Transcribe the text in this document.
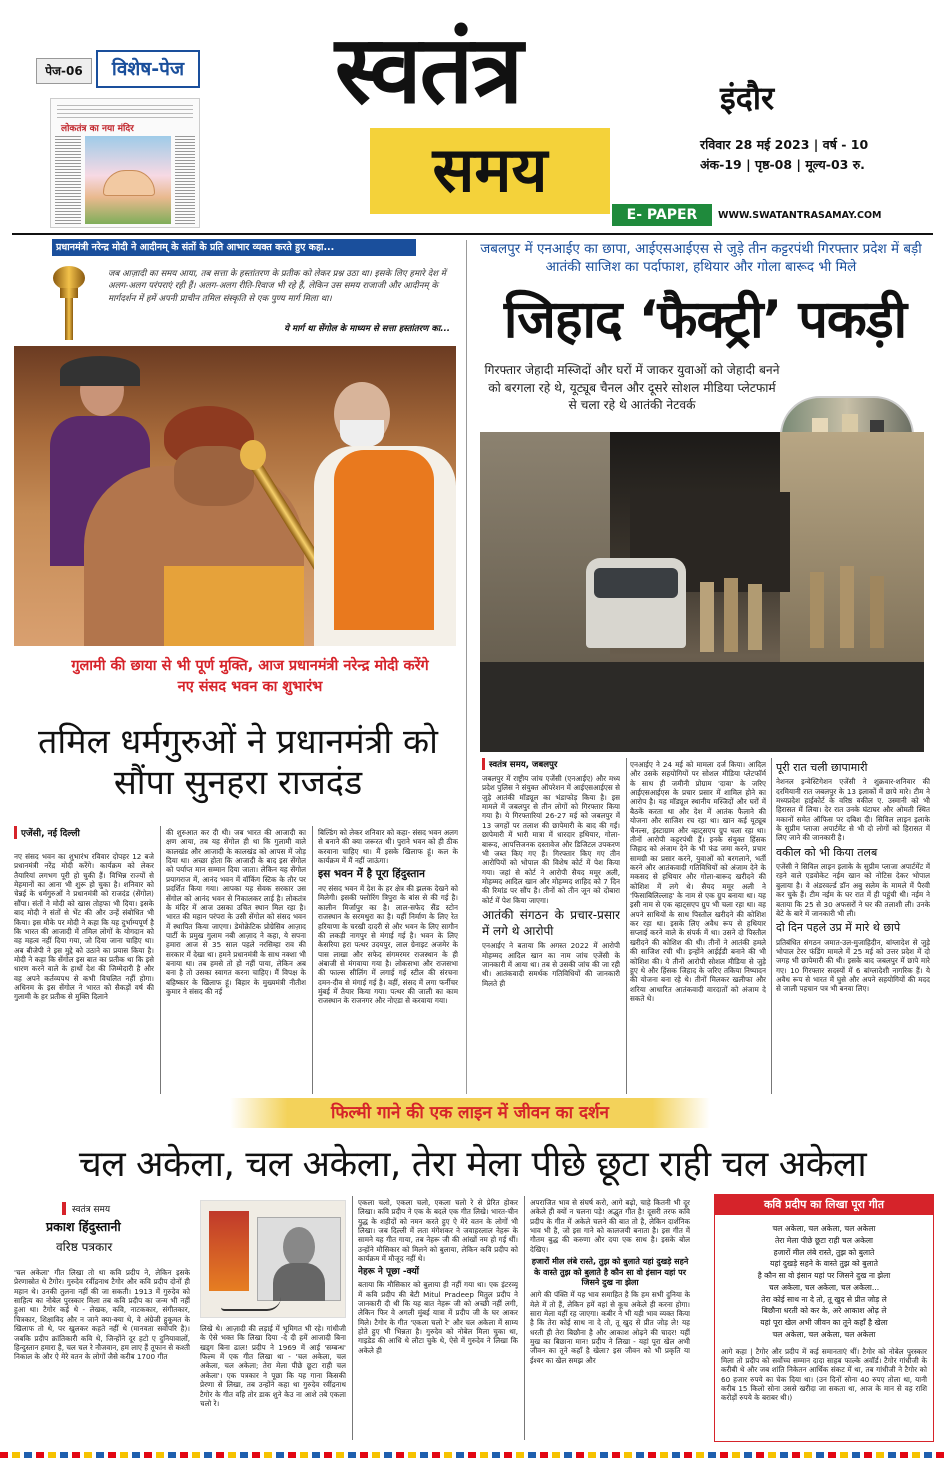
पेज-06	विशेष-पेज
लोकतंत्र का नया मंदिर
स्वतंत्र
समय
इंदौर
रविवार 28 मई 2023 | वर्ष - 10
अंक-19 | पृष्ठ-08 | मूल्य-03 रु.
E- PAPER	WWW.SWATANTRASAMAY.COM
प्रधानमंत्री नरेन्द्र मोदी ने आदीनम् के संतों के प्रति आभार व्यक्त करते हुए कहा...
जब आज़ादी का समय आया, तब सत्ता के हस्तांतरण के प्रतीक को लेकर प्रश्न उठा था। इसके लिए हमारे देश में अलग-अलग परंपराएं रही हैं। अलग-अलग रीति-रिवाज भी रहे हैं, लेकिन उस समय राजाजी और आदीनम् के मार्गदर्शन में हमें अपनी प्राचीन तमिल संस्कृति से एक पुण्य मार्ग मिला था।
ये मार्ग था सेंगोल के माध्यम से सत्ता हस्तांतरण का...
गुलामी की छाया से भी पूर्ण मुक्ति, आज प्रधानमंत्री नरेन्द्र मोदी करेंगे नए संसद भवन का शुभारंभ
तमिल धर्मगुरुओं ने प्रधानमंत्री को सौंपा सुनहरा राजदंड
एजेंसी, नई दिल्ली
नए संसद भवन का शुभारंभ रविवार दोपहर 12 बजे प्रधानमंत्री नरेंद्र मोदी करेंगे। कार्यक्रम को लेकर तैयारियां लगभग पूरी हो चुकी हैं। विभिन्न राज्यों से मेहमानों का आना भी शुरू हो चुका है। शनिवार को चेन्नई के धर्मगुरुओं ने प्रधानमंत्री को राजदंड (सेंगोल) सौंपा। संतों ने मोदी को खास तोहफा भी दिया। इसके बाद मोदी ने संतों से भेंट की और उन्हें संबोधित भी किया। इस मौके पर मोदी ने कहा कि यह दुर्भाग्यपूर्ण है कि भारत की आजादी में तमिल लोगों के योगदान को वह महत्व नहीं दिया गया, जो दिया जाना चाहिए था। अब बीजेपी ने इस मुद्दे को उठाने का प्रयास किया है। मोदी ने कहा कि सेंगोल इस बात का प्रतीक था कि इसे धारण करने वाले के हाथों देश की जिम्मेदारी है और वह अपने कर्तव्यपथ से कभी विचलित नहीं होगा। अधिनम के इस सेंगोल ने भारत को सैकड़ों वर्ष की गुलामी के हर प्रतीक से मुक्ति दिलाने
की शुरुआत कर दी थी। जब भारत की आजादी का क्षण आया, तब यह सेंगोल ही था कि गुलामी वाले कालखंड और आजादी के कालखंड को आपस में जोड़ दिया था। अच्छा होता कि आजादी के बाद इस सेंगोल को पर्याप्त मान सम्मान दिया जाता। लेकिन यह सेंगोल प्रयागराज में, आनंद भवन में वॉकिंग स्टिक के तौर पर प्रदर्शित किया गया। आपका यह सेवक सरकार उस सेंगोल को आनंद भवन से निकालकर लाई है। लोकतंत्र के मंदिर में आज उसका उचित स्थान मिल रहा है। भारत की महान परंपरा के उसी सेंगोल को संसद भवन में स्थापित किया जाएगा। डेमोक्रेटिक प्रोग्रेसिव आज़ाद पार्टी के प्रमुख गुलाम नबी आज़ाद ने कहा, ये सपना हमारा आज से 35 साल पहले नरसिम्हा राव की सरकार में देखा था। हमने प्रधानमंत्री के साथ नक्शा भी बनाया था। तब हमसे तो हो नहीं पाया, लेकिन अब बना है तो उसका स्वागत करना चाहिए। मैं विपक्ष के बहिष्कार के खिलाफ हूं। बिहार के मुख्यमंत्री नीतीश कुमार ने संसद की नई

बिल्डिंग को लेकर शनिवार को कहा- संसद भवन अलग से बनाने की क्या जरूरत थी। पुराने भवन को ही ठीक करवाना चाहिए था। मैं इसके खिलाफ हूं। कल के कार्यक्रम में मैं नहीं जाऊंगा।

इस भवन में है पूरा हिंदुस्तान

नए संसद भवन में देश के हर क्षेत्र की झलक देखने को मिलेगी। इसकी फ्लोरिंग त्रिपुरा के बांस से की गई है। कालीन मिर्जापुर का है। लाल-सफेद सैंड स्टोन राजस्थान के सरमथुरा का है। यहीं निर्माण के लिए रेत हरियाणा के चरखी दादरी से और भवन के लिए सागौन की लकड़ी नागपुर से मंगाई गई है। भवन के लिए केसरिया हरा पत्थर उदयपुर, लाल ग्रेनाइट अजमेर के पास लाखा और सफेद संगमरमर राजस्थान के ही अंबाजी से मंगवाया गया है। लोकसभा और राजसभा की फाल्स सीलिंग में लगाई गई स्टील की संरचना दमन-दीव से मंगाई गई है। वहीं, संसद में लगा फर्नीचर मुंबई में तैयार किया गया। पत्थर की जाली का काम राजस्थान के राजनगर और नोएडा से करवाया गया।

जबलपुर में एनआईए का छापा, आईएसआईएस से जुड़े तीन कट्टरपंथी गिरफ्तार प्रदेश में बड़ी आतंकी साजिश का पर्दाफाश, हथियार और गोला बारूद भी मिले
जिहाद ‘फैक्ट्री’ पकड़ी
गिरफ्तार जेहादी मस्जिदों और घरों में जाकर युवाओं को जेहादी बनने को बरगला रहे थे, यूट्यूब चैनल और दूसरे सोशल मीडिया प्लेटफार्म से चला रहे थे आतंकी नेटवर्क
स्वतंत्र समय, जबलपुर

जबलपुर में राष्ट्रीय जांच एजेंसी (एनआईए) और मध्य प्रदेश पुलिस ने संयुक्त ऑपरेशन में आईएसआईएस से जुड़े आतंकी मॉड्यूल का भंडाफोड़ किया है। इस मामले में जबलपुर से तीन लोगों को गिरफ्तार किया गया है। ये गिरफ्तारियां 26-27 मई को जबलपुर में 13 जगहों पर तलाश की छापेमारी के बाद की गईं। छापेमारी में भारी मात्रा में धारदार हथियार, गोला-बारूद, आपत्तिजनक दस्तावेज और डिजिटल उपकरण भी जब्त किए गए हैं। गिरफ्तार किए गए तीन आरोपियों को भोपाल की विशेष कोर्ट में पेश किया गया। जहां से कोर्ट ने आरोपी सैयद ममूर अली, मोहम्मद आदिल खान और मोहम्मद शाहिद को 7 दिन की रिमांड पर सौंप है। तीनों को तीन जून को दोबारा कोर्ट में पेश किया जाएगा।

आतंकी संगठन के प्रचार-प्रसार में लगे थे आरोपी

एनआईए ने बताया कि अगस्त 2022 में आरोपी मोहम्मद आदिल खान का नाम जांच एजेंसी के जानकारी में आया था। तब से उसकी जांच की जा रही थी। आतंकवादी समर्थक गतिविधियों की जानकारी मिलते ही

एनआईए ने 24 मई को मामला दर्ज किया। आदिल और उसके सहयोगियों पर सोशल मीडिया प्लेटफॉर्म के साथ ही जमीनी प्रोग्राम 'दावा' के जरिए आईएसआईएस के प्रचार प्रसार में शामिल होने का आरोप है। यह मॉड्यूल स्थानीय मस्जिदों और घरों में बैठकें करता था और देश में आतंक फैलाने की योजना और साजिश रच रहा था। खान कई यूट्यूब चैनल्स, इंस्टाग्राम और व्हाट्सएप ग्रुप चला रहा था। तीनों आरोपी कट्टरपंथी हैं। इनके संयुक्त हिंसक जिहाद को अंजाम देने के भी फंड जमा करने, प्रचार सामग्री का प्रसार करने, युवाओं को बरगलाने, भर्ती करने और आतंकवादी गतिविधियों को अंजाम देने के मकसद से हथियार और गोला-बारूद खरीदने की कोशिश में लगे थे। सैयद ममूर अली ने 'फिसाबिलिल्लाह' के नाम से एक ग्रुप बनाया था। यह इसी नाम से एक व्हाट्सएप ग्रुप भी चला रहा था। वह अपने साथियों के साथ पिस्तौल खरीदने की कोशिश कर रहा था। इसके लिए अवैध रूप से हथियार सप्लाई करने वाले के संपर्क में था। उसने दो पिस्तौल खरीदने की कोशिश की थी। तीनों ने आतंकी हमले की साजिश रची थी। इन्होंने आईईडी बनाने की भी कोशिश की। ये तीनों आरोपी सोशल मीडिया से जुड़े हुए थे और हिंसक जिहाद के जरिए तकिया निष्पादन की योजना बना रहे थे। तीनों मिलकर खलीफा और शरिया आधारित आतंकवादी वारदातों को अंजाम दे सकते थे।
पूरी रात चली छापामारी

नेशनल इन्वेस्टिगेशन एजेंसी ने शुक्रवार-शनिवार की दरमियानी रात जबलपुर के 13 इलाकों में छापे मारे। टीम ने मध्यप्रदेश हाईकोर्ट के वरिष्ठ वकील ए. उस्मानी को भी हिरासत में लिया। देर रात उनके घंटाघर और ओमती स्थित मकानों समेत ऑफिस पर दबिश दी। सिविल लाइन इलाके के सुप्रीम प्लाजा अपार्टमेंट से भी दो लोगों को हिरासत में लिए जाने की जानकारी है।

वकील को भी किया तलब

एजेंसी ने सिविल लाइन इलाके के सुप्रीम प्लाजा अपार्टमेंट में रहने वाले एडवोकेट नईम खान को नोटिस देकर भोपाल बुलाया है। वे अंडरवर्ल्ड डॉन अबु सलेम के मामले में पैरवी कर चुके हैं। टीम नईम के घर रात में ही पहुंची थी। नईम ने बताया कि 25 से 30 अफसरों ने घर की तलाशी ली। उनके बेटे के बारे में जानकारी भी ली।

दो दिन पहले उप्र में मारे थे छापे

प्रतिबंधित संगठन जमात-उल-मुजाहिदीन, बांग्लादेश से जुड़े भोपाल टेरर फंडिंग मामले में 25 मई को उत्तर प्रदेश में दो जगह भी छापेमारी की थी। इसके बाद जबलपुर में छापे मारे गए। 10 गिरफ्तार सदस्यों में 6 बांग्लादेशी नागरिक हैं। ये अवैध रूप से भारत में घुसे और अपने सहयोगियों की मदद से जाली पहचान पत्र भी बनवा लिए।

फिल्मी गाने की एक लाइन में जीवन का दर्शन
चल अकेला, चल अकेला, तेरा मेला पीछे छूटा राही चल अकेला
स्वतंत्र समय
प्रकाश हिंदुस्तानी
वरिष्ठ पत्रकार
'चल अकेला' गीत लिखा तो था कवि प्रदीप ने, लेकिन इसके प्रेरणास्रोत थे टैगोर। गुरुदेव रवींद्रनाथ टैगोर और कवि प्रदीप दोनों ही महान थे। उनकी तुलना नहीं की जा सकती। 1913 में गुरुदेव को साहित्य का नोबेल पुरस्कार मिला तब कवि प्रदीप का जन्म भी नहीं हुआ था। टैगोर कई थे - लेखक, कवि, नाटककार, संगीतकार, चित्रकार, शिक्षाविद और न जाने क्या-क्या थे, वे अंग्रेजी हुकूमत के खिलाफ तो थे, पर खुलकर कहते नहीं थे (मानवता सर्वोपरि है)। जबकि प्रदीप क्रांतिकारी कवि थे, जिन्होंने दूर हटो ए दुनियावालों, हिन्दुस्तान हमारा है, चल चल रे नौजवान, हम लाए हैं तूफान से कश्ती निकाल के और ऐ मेरे वतन के लोगों जैसे करीब 1700 गीत
लिखे थे। आज़ादी की लड़ाई में भूमिगत भी रहे। गांधीजी के ऐसे भक्त कि लिखा दिया -दे दी हमें आजादी बिना खड्ग बिना ढाल! प्रदीप ने 1969 में आई 'सम्बन्ध' फिल्म में एक गीत लिखा था - 'चल अकेला, चल अकेला, चल अकेला; तेरा मेला पीछे छूटा राही चल अकेला'। एक पत्रकार ने पूछा कि यह गाना किसकी प्रेरणा से लिखा, तब उन्होंने कहा था गुरुदेव रवींद्रनाथ टैगोर के गीत वहि तोर डाक शुने केउ ना आशे तबे एकला चलो रे।

एकला चलो, एकला चलो, एकला चलो रे से प्रेरित होकर लिखा। कवि प्रदीप ने एक के बदले एक गीत लिखे। भारत-चीन युद्ध के शहीदों को नमन करते हुए ऐ मेरे वतन के लोगों भी लिखा। जब दिल्ली में लता मंगेशकर ने जवाहरलाल नेहरू के सामने यह गीत गाया, तब नेहरू जी की आंखों नम हो गई थीं। उन्होंने मौसिकार को मिलने को बुलाया, लेकिन कवि प्रदीप को कार्यक्रम में मौजूद नहीं थे।

नेहरू ने पूछा -क्यों

बताया कि मौसिकार को बुलाया ही नहीं गया था। एक इंटरव्यू में कवि प्रदीप की बेटी Mitul Pradeep मितुल प्रदीप ने जानकारी दी थी कि यह बात नेहरू जी को अच्छी नहीं लगी, लेकिन फिर वे अगली मुंबई यात्रा में प्रदीप जी के घर आकर मिले। टैगोर के गीत 'एकला चलो रे' और चल अकेला में साम्य होते हुए भी भिन्नता है। गुरुदेव को नोबेल मिला चुका था, गाइडेड की आधि थे लौटा चुके थे, ऐसे में गुरुदेव ने लिखा कि अकेले ही

अपराजित भाव से संघर्ष करो, आगे बढ़ो, चाहे कितनी भी दूर अकेले ही क्यों न चलना पड़े! अद्भुत गीत है! दूसरी तरफ कवि प्रदीप के गीत में अकेले चलने की बात तो है, लेकिन दार्शनिक भाव भी है, जो इस गाने को कालजयी बनाता है। इस गीत में गौतम बुद्ध की करुणा और दया एक साथ है। इसके बोल देखिए।

हजारों मील लंबे रास्ते, तुझ को बुलाते यहां दुखड़े सहने के वास्ते तुझ को बुलाते है कौन सा वो इंसान यहां पर जिसने दुख ना झेला

आगे की पंक्ति में यह भाव समाहित है कि हम सभी दुनिया के मेले में तो हैं, लेकिन हमें वहां से कूच अकेले ही करना होगा। सारा मेला यहीं रह जाएगा। कबीर ने भी यही भाव व्यक्त किया है कि तेरा कोई साथ ना दे तो, तू खुद से प्रीत जोड़ ले! यह धरती ही तेरा बिछौना है और आकाश ओढ़ने की चादर! यहीं मुख का बिछाना मान! प्रदीप ने लिखा - यहां पूरा खेल अभी जीवन का तूने कहाँ है खेला? इस जीवन को भी प्रकृति या ईश्वर का खेल समझ और

कवि प्रदीप का लिखा पूरा गीत
चल अकेला, चल अकेला, चल अकेला
तेरा मेला पीछे छूटा राही चल अकेला
हजारों मील लंबे रास्ते, तुझ को बुलाते
यहां दुखड़े सहने के वास्ते तुझ को बुलाते
है कौन सा वो इंसान यहां पर जिसने दुख ना झेला
चल अकेला, चल अकेला, चल अकेला...
तेरा कोई साथ ना दे तो, तू खुद से प्रीत जोड़ ले
बिछौना धरती को कर के, अरे आकाश ओढ़ ले
यहां पूरा खेल अभी जीवन का तूने कहाँ है खेला
चल अकेला, चल अकेला, चल अकेला
आगे कहा | टैगोर और प्रदीप में कई समानताएं थीं। टैगोर को नोबेल पुरस्कार मिला तो प्रदीप को सर्वोच्च सम्मान दादा साहब फाल्के अवॉर्ड। टैगोर गांधीजी के करीबी थे और जब शांति निकेतन आर्थिक संकट में था, तब गांधीजी ने टैगोर को 60 हजार रुपये का चेक दिया था। (उन दिनों सोना 40 रुपए तोला था, यानी करीब 15 किलो सोना उससे खरीदा जा सकता था, आज के मान से वह राशि करोड़ों रुपये के बराबर थी।)
